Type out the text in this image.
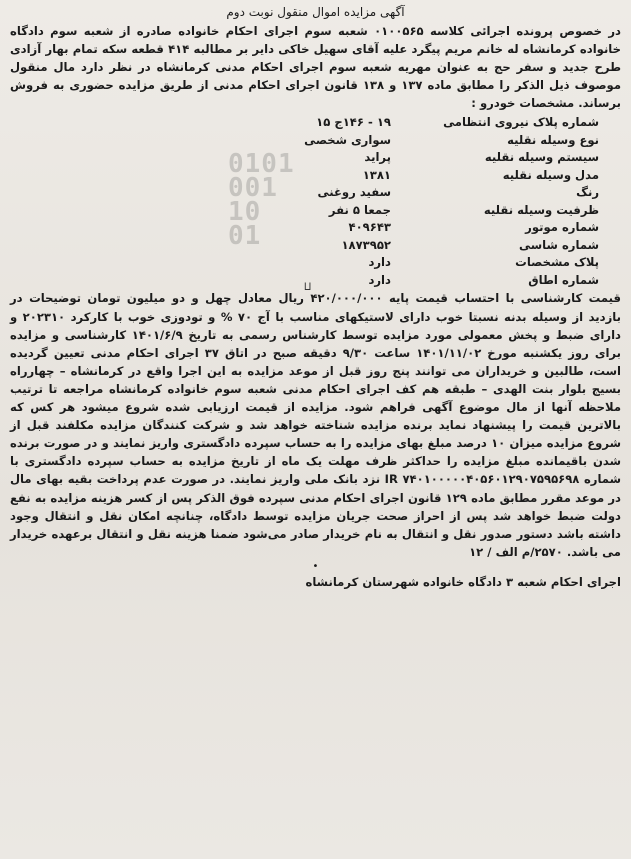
آگهی مزایده اموال منقول نوبت دوم

در خصوص پرونده اجرائی کلاسه ۰۱۰۰۵۶۵ شعبه سوم اجرای احکام خانواده صادره از شعبه سوم دادگاه خانواده کرمانشاه له خانم مریم پیگرد علیه آقای سهیل خاکی دایر بر مطالبه ۴۱۴ قطعه سکه تمام بهار آزادی طرح جدید و سفر حج به عنوان مهریه شعبه سوم اجرای احکام مدنی کرمانشاه در نظر دارد مال منقول موصوف ذیل الذکر را مطابق ماده ۱۳۷ و ۱۳۸ قانون اجرای احکام مدنی از طریق مزایده حضوری به فروش برساند. مشخصات خودرو :

0101
001
10
01
⨿
شماره پلاک نیروی انتظامی
۱۹ - ۱۴۶ج ۱۵
نوع وسیله نقلیه
سواری شخصی
سیستم وسیله نقلیه
پراید
مدل وسیله نقلیه
۱۳۸۱
رنگ
سفید روغنی
ظرفیت وسیله نقلیه
جمعا ۵ نفر
شماره موتور
۴۰۹۶۴۳
شماره شاسی
۱۸۷۳۹۵۲
پلاک مشخصات
دارد
شماره اطاق
دارد

قیمت کارشناسی با احتساب قیمت پایه ۴۲۰/۰۰۰/۰۰۰ ریال معادل چهل و دو میلیون تومان توضیحات در بازدید از وسیله بدنه نسبتا خوب دارای لاستیکهای مناسب با آج ۷۰ % و تودوزی خوب با کارکرد ۲۰۲۳۱۰ و دارای ضبط و پخش معمولی مورد مزایده توسط کارشناس رسمی به تاریخ ۱۴۰۱/۶/۹ کارشناسی و مزایده برای روز یکشنبه مورخ ۱۴۰۱/۱۱/۰۲ ساعت ۹/۳۰ دقیقه صبح در اتاق ۳۷ اجرای احکام مدنی تعیین گردیده است، طالبین و خریداران می توانند پنج روز قبل از موعد مزایده به این اجرا واقع در کرمانشاه – چهارراه بسیج بلوار بنت الهدی – طبقه هم کف اجرای احکام مدنی شعبه سوم خانواده کرمانشاه مراجعه تا ترتیب ملاحظه آنها از مال موضوع آگهی فراهم شود. مزایده از قیمت ارزیابی شده شروع میشود هر کس که بالاترین قیمت را پیشنهاد نماید برنده مزایده شناخته خواهد شد و شرکت کنندگان مزایده مکلفند قبل از شروع مزایده میزان ۱۰ درصد مبلغ بهای مزایده را به حساب سپرده دادگستری واریز نمایند و در صورت برنده شدن باقیمانده مبلغ مزایده را حداکثر ظرف مهلت یک ماه از تاریخ مزایده به حساب سپرده دادگستری با شماره IR ۷۴۰۱۰۰۰۰۰۴۰۵۶۰۱۲۹۰۷۵۹۵۶۹۸ نزد بانک ملی واریز نمایند. در صورت عدم پرداخت بقیه بهای مال در موعد مقرر مطابق ماده ۱۲۹ قانون اجرای احکام مدنی سپرده فوق الذکر پس از کسر هزینه مزایده به نفع دولت ضبط خواهد شد پس از احراز صحت جریان مزایده توسط دادگاه، چنانچه امکان نقل و انتقال وجود داشته باشد دستور صدور نقل و انتقال به نام خریدار صادر می‌شود ضمنا هزینه نقل و انتقال برعهده خریدار می باشد. ۲۵۷۰/م الف / ۱۲

•
اجرای احکام شعبه ۳ دادگاه خانواده شهرستان کرمانشاه
